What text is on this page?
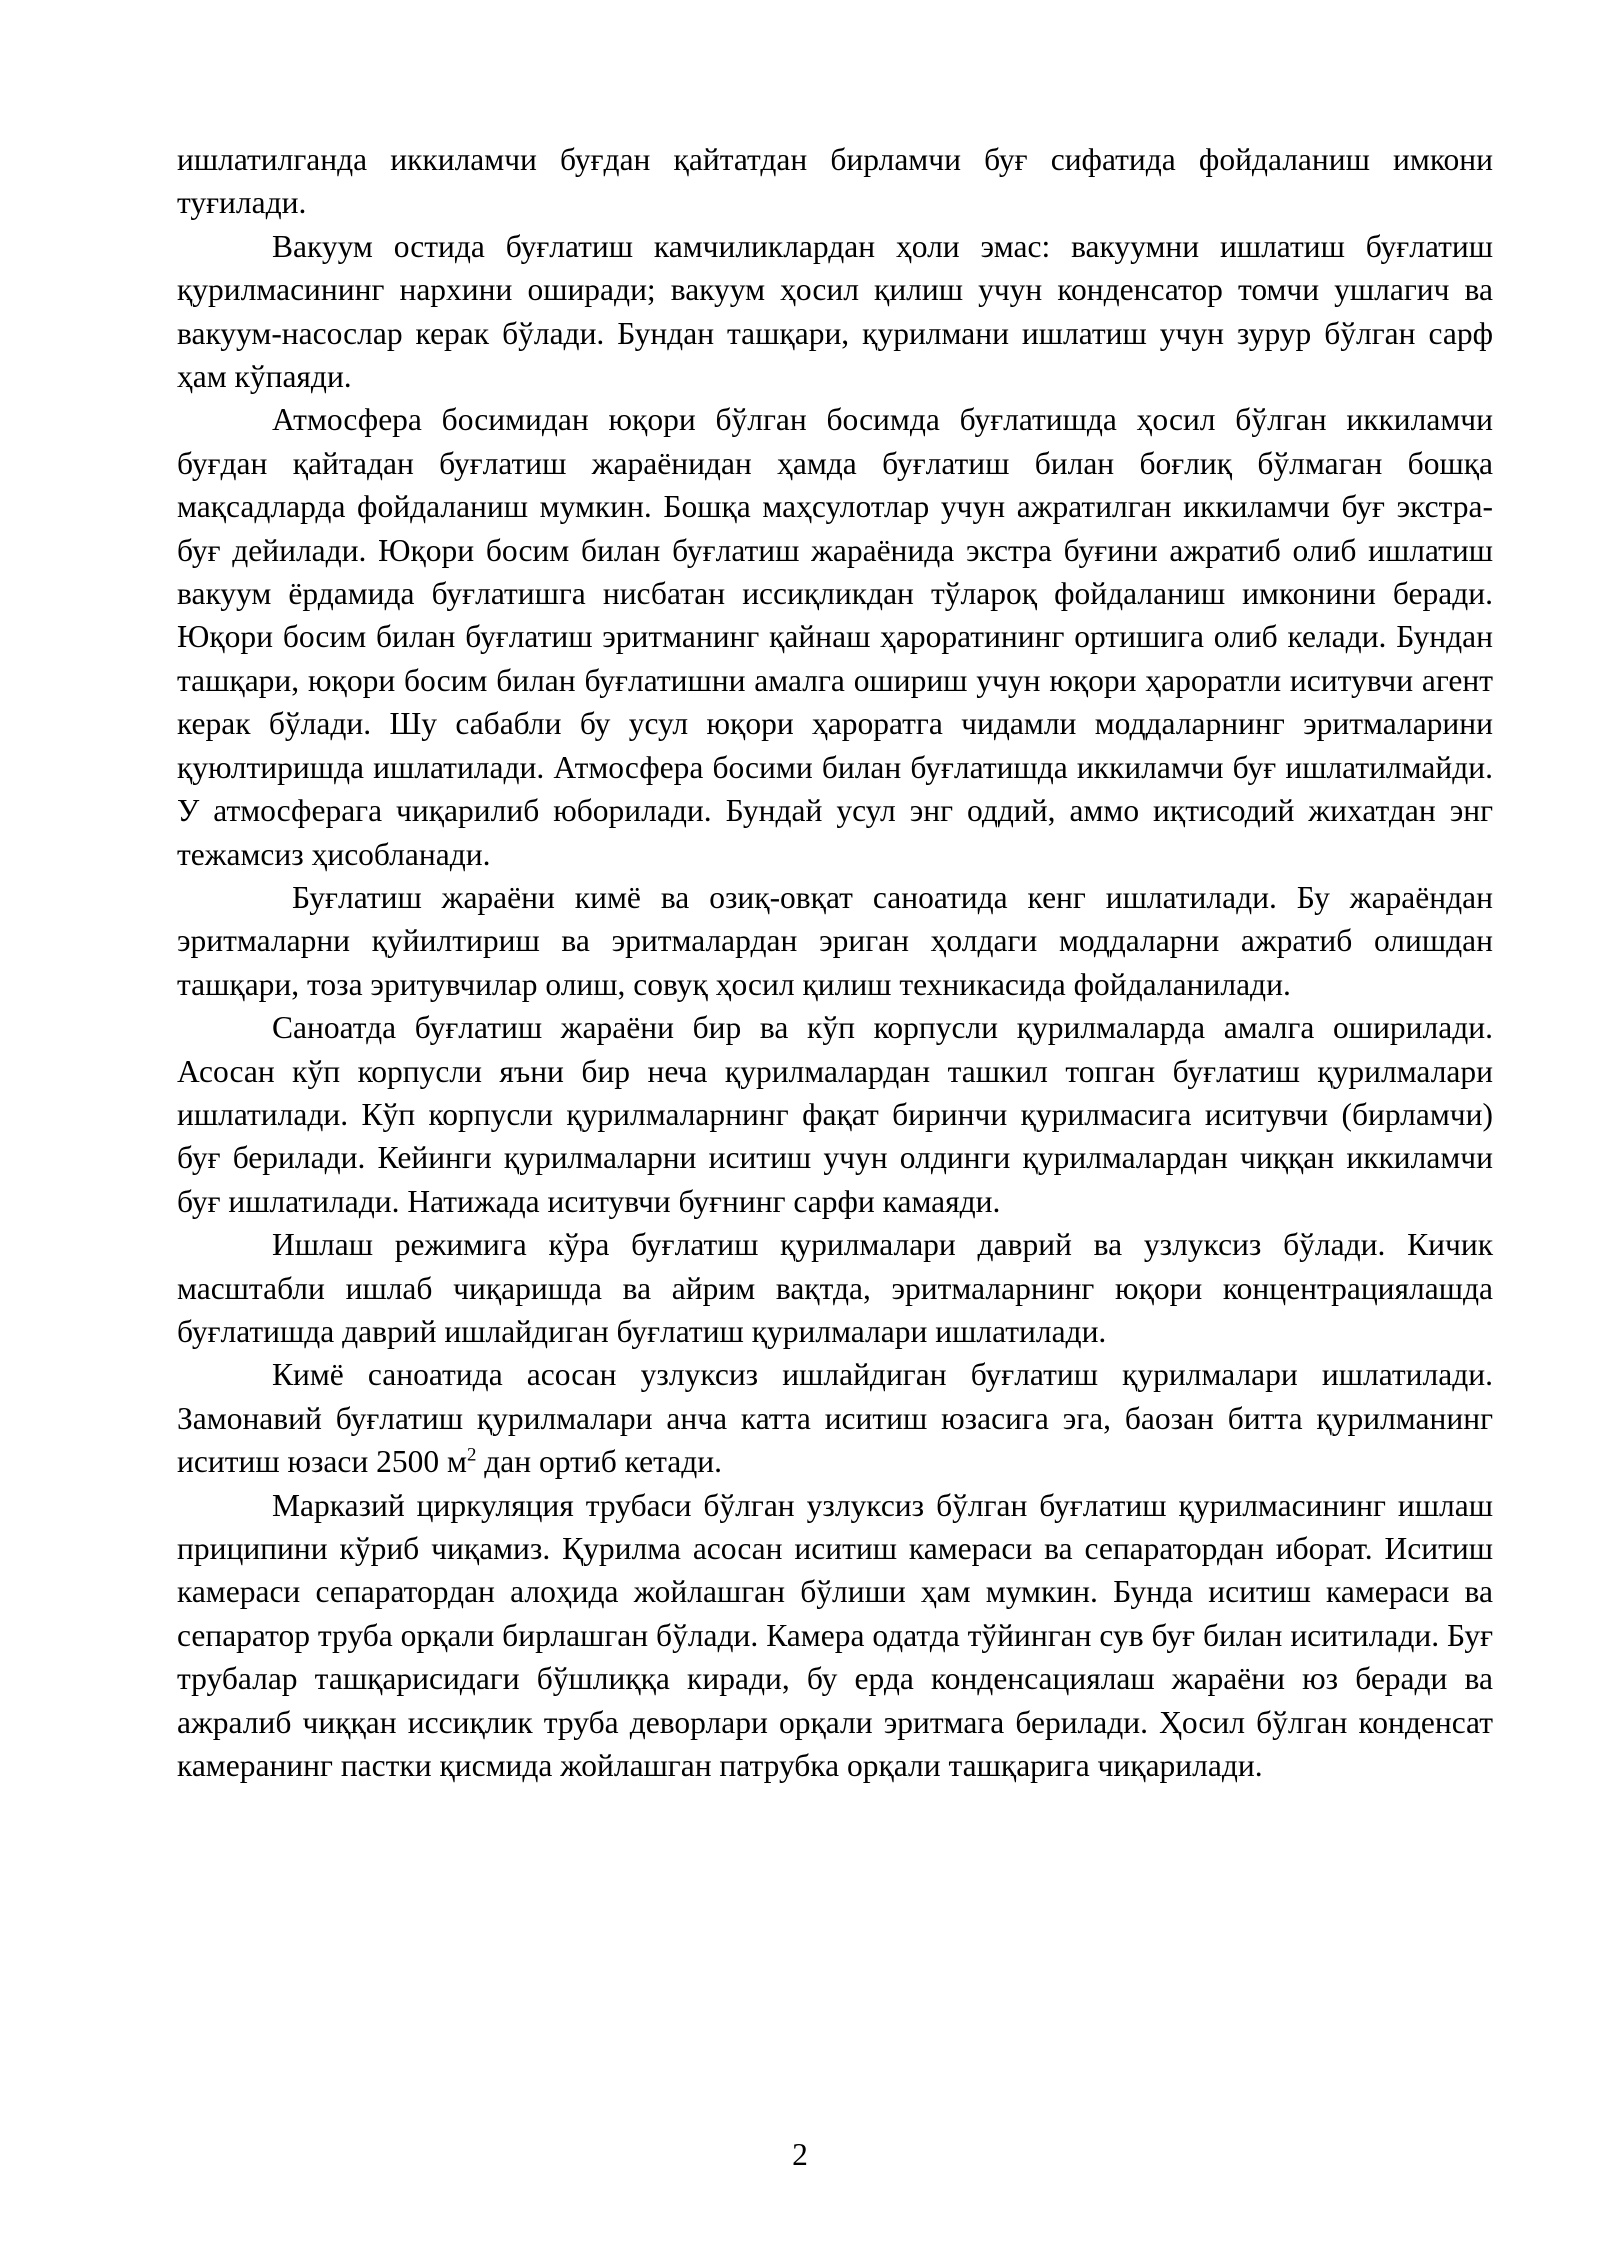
ишлатилганда иккиламчи буғдан қайтатдан бирламчи буғ сифатида фойдаланиш имкони туғилади.

Вакуум остида буғлатиш камчиликлардан ҳоли эмас: вакуумни ишлатиш буғлатиш қурилмасининг нархини оширади; вакуум ҳосил қилиш учун конденсатор томчи ушлагич ва вакуум-насослар керак бўлади. Бундан ташқари, қурилмани ишлатиш учун зурур бўлган сарф ҳам кўпаяди.

Атмосфера босимидан юқори бўлган босимда буғлатишда ҳосил бўлган иккиламчи буғдан қайтадан буғлатиш жараёнидан ҳамда буғлатиш билан боғлиқ бўлмаган бошқа мақсадларда фойдаланиш мумкин. Бошқа маҳсулотлар учун ажратилган иккиламчи буғ экстра-буғ дейилади. Юқори босим билан буғлатиш жараёнида экстра буғини ажратиб олиб ишлатиш вакуум ёрдамида буғлатишга нисбатан иссиқликдан тўлароқ фойдаланиш имконини беради. Юқори босим билан буғлатиш эритманинг қайнаш ҳароратининг ортишига олиб келади. Бундан ташқари, юқори босим билан буғлатишни амалга ошириш учун юқори ҳароратли иситувчи агент керак бўлади. Шу сабабли бу усул юқори ҳароратга чидамли моддаларнинг эритмаларини қуюлтиришда ишлатилади. Атмосфера босими билан буғлатишда иккиламчи буғ ишлатилмайди. У атмосферага чиқарилиб юборилади. Бундай усул энг оддий, аммо иқтисодий жихатдан энг тежамсиз ҳисобланади.

Буғлатиш жараёни кимё ва озиқ-овқат саноатида кенг ишлатилади. Бу жараёндан эритмаларни қуйилтириш ва эритмалардан эриган ҳолдаги моддаларни ажратиб олишдан ташқари, тоза эритувчилар олиш, совуқ ҳосил қилиш техникасида фойдаланилади.

Саноатда буғлатиш жараёни бир ва кўп корпусли қурилмаларда амалга оширилади. Асосан кўп корпусли яъни бир неча қурилмалардан ташкил топган буғлатиш қурилмалари ишлатилади. Кўп корпусли қурилмаларнинг фақат биринчи қурилмасига иситувчи (бирламчи) буғ берилади. Кейинги қурилмаларни иситиш учун олдинги қурилмалардан чиққан иккиламчи буғ ишлатилади. Натижада иситувчи буғнинг сарфи камаяди.

Ишлаш режимига кўра буғлатиш қурилмалари даврий ва узлуксиз бўлади. Кичик масштабли ишлаб чиқаришда ва айрим вақтда, эритмаларнинг юқори концентрациялашда буғлатишда даврий ишлайдиган буғлатиш қурилмалари ишлатилади.

Кимё саноатида асосан узлуксиз ишлайдиган буғлатиш қурилмалари ишлатилади. Замонавий буғлатиш қурилмалари анча катта иситиш юзасига эга, баозан битта қурилманинг иситиш юзаси 2500 $м^2$ дан ортиб кетади.

Марказий циркуляция трубаси бўлган узлуксиз бўлган буғлатиш қурилмасининг ишлаш приципини кўриб чиқамиз. Қурилма асосан иситиш камераси ва сепаратордан иборат. Иситиш камераси сепаратордан алоҳида жойлашган бўлиши ҳам мумкин. Бунда иситиш камераси ва сепаратор труба орқали бирлашган бўлади. Камера одатда тўйинган сув буғ билан иситилади. Буғ трубалар ташқарисидаги бўшлиққа киради, бу ерда конденсациялаш жараёни юз беради ва ажралиб чиққан иссиқлик труба деворлари орқали эритмага берилади. Ҳосил бўлган конденсат камеранинг пастки қисмида жойлашган патрубка орқали ташқарига чиқарилади.

2
